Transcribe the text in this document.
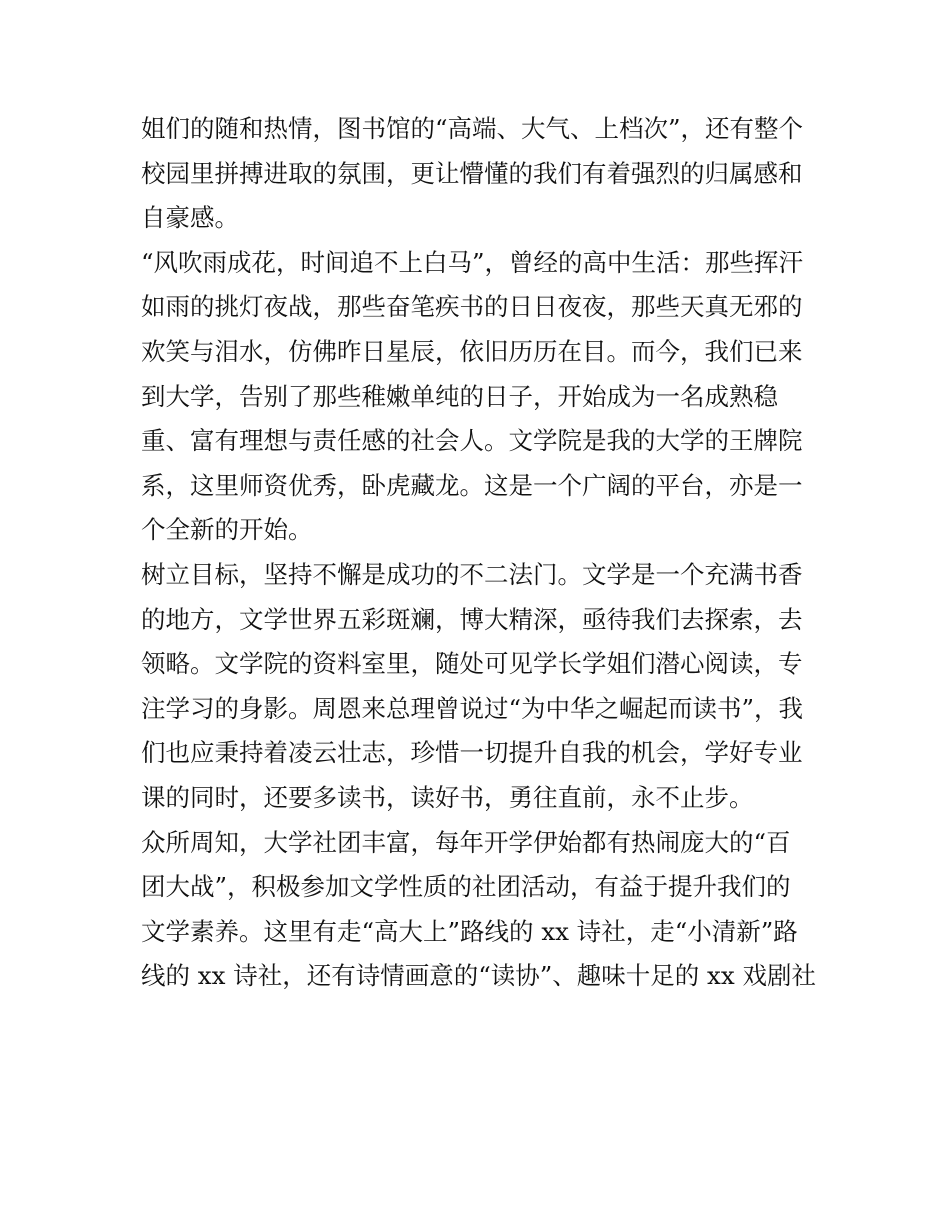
姐们的随和热情，图书馆的“高端、大气、上档次”，还有整个
校园里拼搏进取的氛围，更让懵懂的我们有着强烈的归属感和
自豪感。
“风吹雨成花，时间追不上白马”，曾经的高中生活：那些挥汗
如雨的挑灯夜战，那些奋笔疾书的日日夜夜，那些天真无邪的
欢笑与泪水，仿佛昨日星辰，依旧历历在目。而今，我们已来
到大学，告别了那些稚嫩单纯的日子，开始成为一名成熟稳
重、富有理想与责任感的社会人。文学院是我的大学的王牌院
系，这里师资优秀，卧虎藏龙。这是一个广阔的平台，亦是一
个全新的开始。
树立目标，坚持不懈是成功的不二法门。文学是一个充满书香
的地方，文学世界五彩斑斓，博大精深，亟待我们去探索，去
领略。文学院的资料室里，随处可见学长学姐们潜心阅读，专
注学习的身影。周恩来总理曾说过“为中华之崛起而读书”，我
们也应秉持着凌云壮志，珍惜一切提升自我的机会，学好专业
课的同时，还要多读书，读好书，勇往直前，永不止步。
众所周知，大学社团丰富，每年开学伊始都有热闹庞大的“百
团大战”，积极参加文学性质的社团活动，有益于提升我们的
文学素养。这里有走“高大上”路线的 xx 诗社，走“小清新”路
线的 xx 诗社，还有诗情画意的“读协”、趣味十足的 xx 戏剧社
